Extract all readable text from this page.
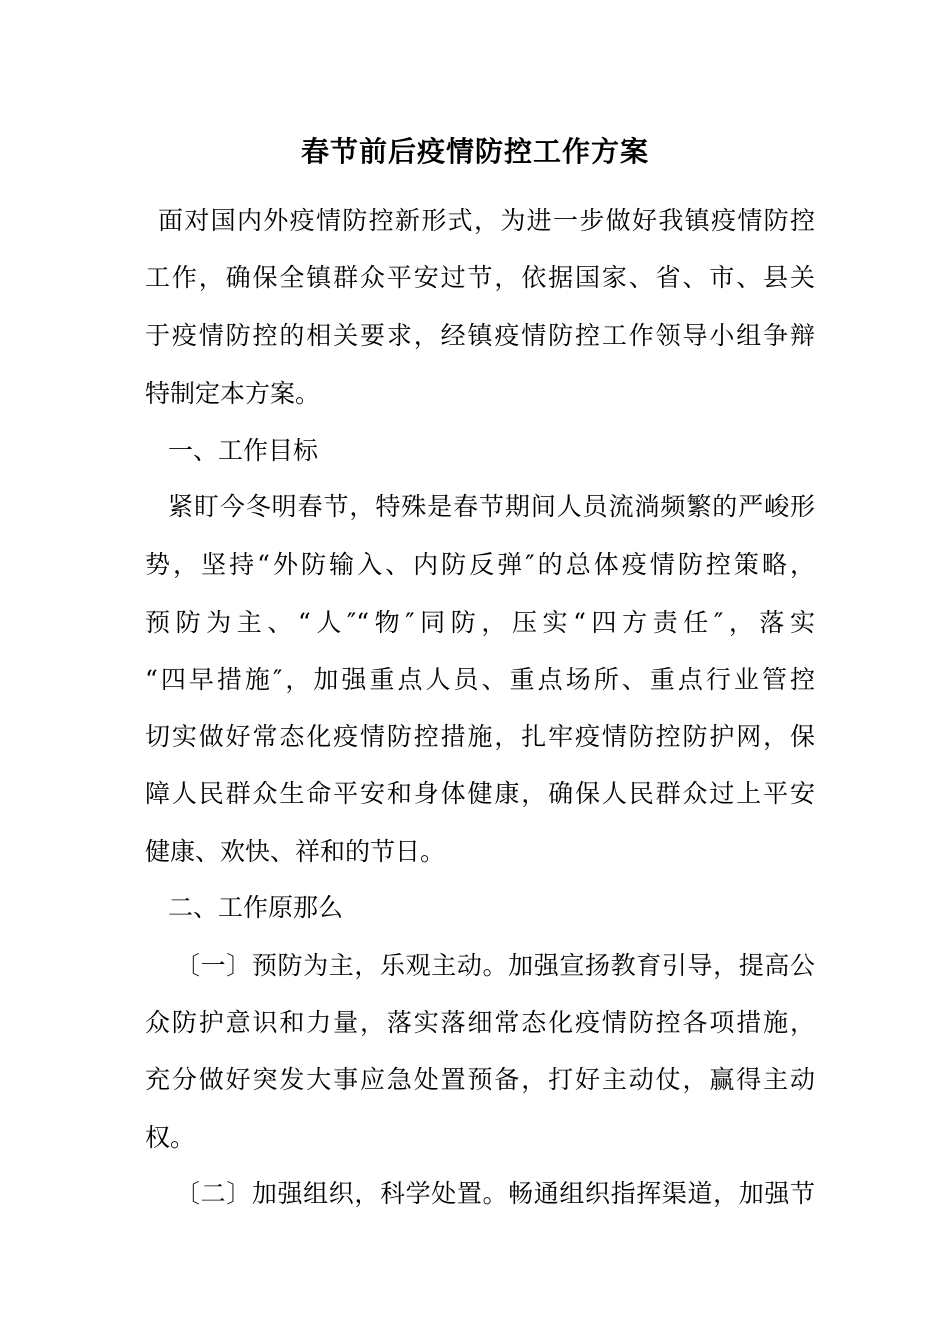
春节前后疫情防控工作方案
面对国内外疫情防控新形式，为进一步做好我镇疫情防控
工作，确保全镇群众平安过节，依据国家、省、市、县关
于疫情防控的相关要求，经镇疫情防控工作领导小组争辩
特制定本方案。
一、工作目标
紧盯今冬明春节，特殊是春节期间人员流淌频繁的严峻形
势，坚持“外防输入、内防反弹″的总体疫情防控策略，
预防为主、“人″“物″同防，压实“四方责任″，落实
“四早措施″，加强重点人员、重点场所、重点行业管控
切实做好常态化疫情防控措施，扎牢疫情防控防护网，保
障人民群众生命平安和身体健康，确保人民群众过上平安
健康、欢快、祥和的节日。
二、工作原那么
〔一〕预防为主，乐观主动。加强宣扬教育引导，提高公
众防护意识和力量，落实落细常态化疫情防控各项措施，
充分做好突发大事应急处置预备，打好主动仗，赢得主动
权。
〔二〕加强组织，科学处置。畅通组织指挥渠道，加强节
